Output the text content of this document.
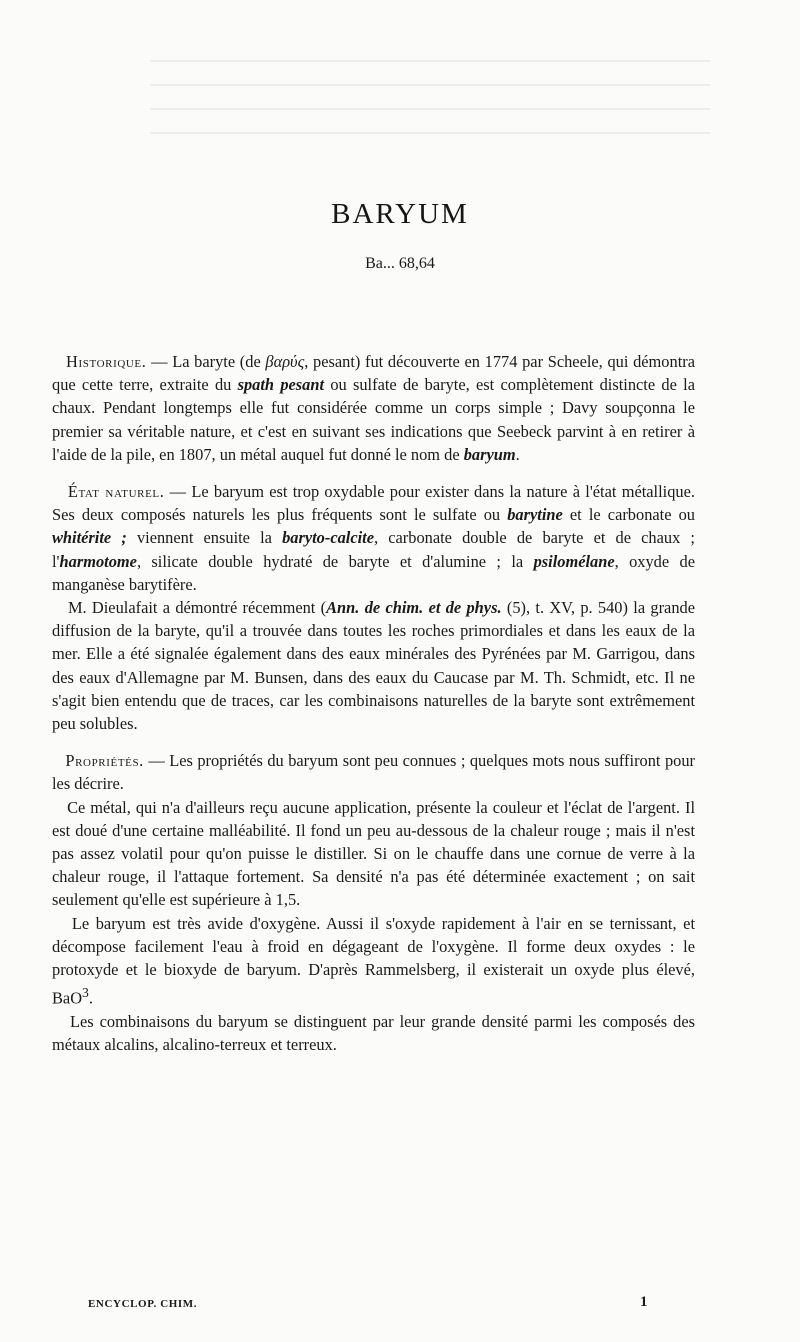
BARYUM
Ba... 68,64

Historique. — La baryte (de βαρύς, pesant) fut découverte en 1774 par Scheele, qui démontra que cette terre, extraite du spath pesant ou sulfate de baryte, est complètement distincte de la chaux. Pendant longtemps elle fut considérée comme un corps simple ; Davy soupçonna le premier sa véritable nature, et c'est en suivant ses indications que Seebeck parvint à en retirer à l'aide de la pile, en 1807, un métal auquel fut donné le nom de baryum.

État naturel. — Le baryum est trop oxydable pour exister dans la nature à l'état métallique. Ses deux composés naturels les plus fréquents sont le sulfate ou barytine et le carbonate ou whitérite ; viennent ensuite la baryto-calcite, carbonate double de baryte et de chaux ; l'harmotome, silicate double hydraté de baryte et d'alumine ; la psilomélane, oxyde de manganèse barytifère.

M. Dieulafait a démontré récemment (Ann. de chim. et de phys. (5), t. XV, p. 540) la grande diffusion de la baryte, qu'il a trouvée dans toutes les roches primordiales et dans les eaux de la mer. Elle a été signalée également dans des eaux minérales des Pyrénées par M. Garrigou, dans des eaux d'Allemagne par M. Bunsen, dans des eaux du Caucase par M. Th. Schmidt, etc. Il ne s'agit bien entendu que de traces, car les combinaisons naturelles de la baryte sont extrêmement peu solubles.

Propriétés. — Les propriétés du baryum sont peu connues ; quelques mots nous suffiront pour les décrire.

Ce métal, qui n'a d'ailleurs reçu aucune application, présente la couleur et l'éclat de l'argent. Il est doué d'une certaine malléabilité. Il fond un peu au-dessous de la chaleur rouge ; mais il n'est pas assez volatil pour qu'on puisse le distiller. Si on le chauffe dans une cornue de verre à la chaleur rouge, il l'attaque fortement. Sa densité n'a pas été déterminée exactement ; on sait seulement qu'elle est supérieure à 1,5.

Le baryum est très avide d'oxygène. Aussi il s'oxyde rapidement à l'air en se ternissant, et décompose facilement l'eau à froid en dégageant de l'oxygène. Il forme deux oxydes : le protoxyde et le bioxyde de baryum. D'après Rammelsberg, il existerait un oxyde plus élevé, BaO$^3$.

Les combinaisons du baryum se distinguent par leur grande densité parmi les composés des métaux alcalins, alcalino-terreux et terreux.

ENCYCLOP. CHIM.	1
